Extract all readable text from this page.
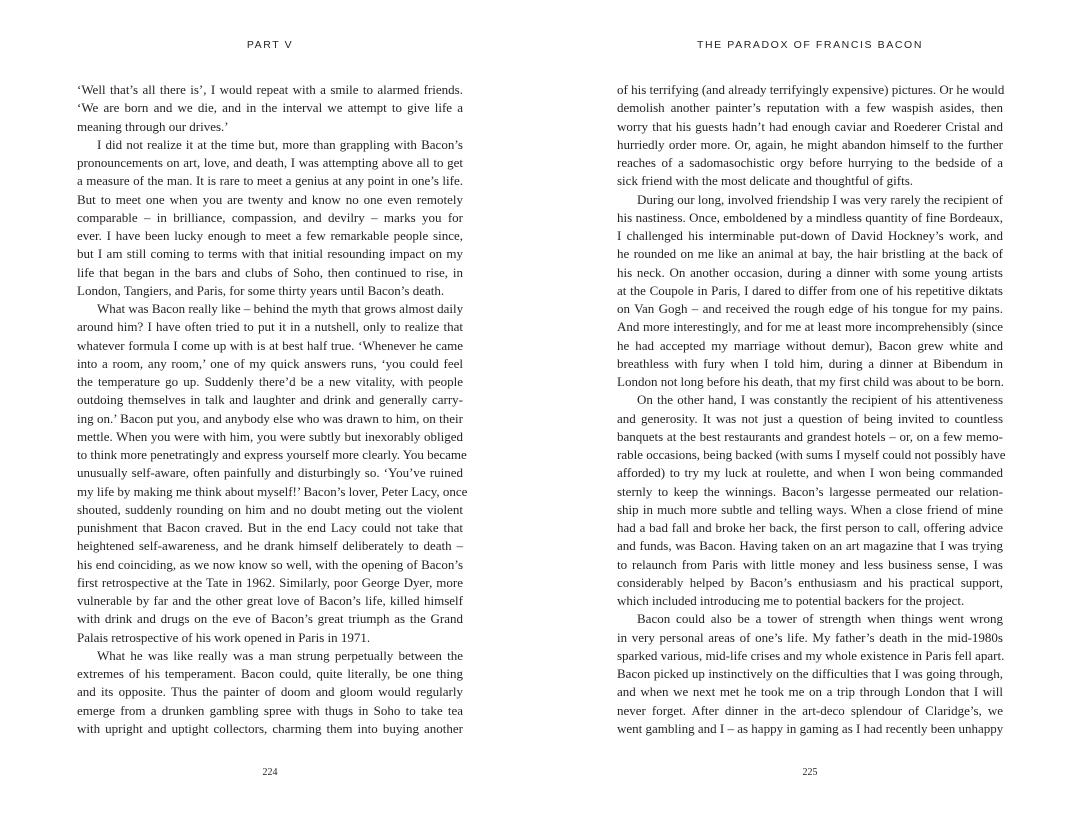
PART V
‘Well that’s all there is’, I would repeat with a smile to alarmed friends.
‘We are born and we die, and in the interval we attempt to give life a
meaning through our drives.’
I did not realize it at the time but, more than grappling with Bacon’s
pronouncements on art, love, and death, I was attempting above all to get
a measure of the man. It is rare to meet a genius at any point in one’s life.
But to meet one when you are twenty and know no one even remotely
comparable – in brilliance, compassion, and devilry – marks you for
ever. I have been lucky enough to meet a few remarkable people since,
but I am still coming to terms with that initial resounding impact on my
life that began in the bars and clubs of Soho, then continued to rise, in
London, Tangiers, and Paris, for some thirty years until Bacon’s death.
What was Bacon really like – behind the myth that grows almost daily
around him? I have often tried to put it in a nutshell, only to realize that
whatever formula I come up with is at best half true. ‘Whenever he came
into a room, any room,’ one of my quick answers runs, ‘you could feel
the temperature go up. Suddenly there’d be a new vitality, with people
outdoing themselves in talk and laughter and drink and generally carry-
ing on.’ Bacon put you, and anybody else who was drawn to him, on their
mettle. When you were with him, you were subtly but inexorably obliged
to think more penetratingly and express yourself more clearly. You became
unusually self-aware, often painfully and disturbingly so. ‘You’ve ruined
my life by making me think about myself!’ Bacon’s lover, Peter Lacy, once
shouted, suddenly rounding on him and no doubt meting out the violent
punishment that Bacon craved. But in the end Lacy could not take that
heightened self-awareness, and he drank himself deliberately to death –
his end coinciding, as we now know so well, with the opening of Bacon’s
first retrospective at the Tate in 1962. Similarly, poor George Dyer, more
vulnerable by far and the other great love of Bacon’s life, killed himself
with drink and drugs on the eve of Bacon’s great triumph as the Grand
Palais retrospective of his work opened in Paris in 1971.
What he was like really was a man strung perpetually between the
extremes of his temperament. Bacon could, quite literally, be one thing
and its opposite. Thus the painter of doom and gloom would regularly
emerge from a drunken gambling spree with thugs in Soho to take tea
with upright and uptight collectors, charming them into buying another
224
THE PARADOX OF FRANCIS BACON
of his terrifying (and already terrifyingly expensive) pictures. Or he would
demolish another painter’s reputation with a few waspish asides, then
worry that his guests hadn’t had enough caviar and Roederer Cristal and
hurriedly order more. Or, again, he might abandon himself to the further
reaches of a sadomasochistic orgy before hurrying to the bedside of a
sick friend with the most delicate and thoughtful of gifts.
During our long, involved friendship I was very rarely the recipient of
his nastiness. Once, emboldened by a mindless quantity of fine Bordeaux,
I challenged his interminable put-down of David Hockney’s work, and
he rounded on me like an animal at bay, the hair bristling at the back of
his neck. On another occasion, during a dinner with some young artists
at the Coupole in Paris, I dared to differ from one of his repetitive diktats
on Van Gogh – and received the rough edge of his tongue for my pains.
And more interestingly, and for me at least more incomprehensibly (since
he had accepted my marriage without demur), Bacon grew white and
breathless with fury when I told him, during a dinner at Bibendum in
London not long before his death, that my first child was about to be born.
On the other hand, I was constantly the recipient of his attentiveness
and generosity. It was not just a question of being invited to countless
banquets at the best restaurants and grandest hotels – or, on a few memo-
rable occasions, being backed (with sums I myself could not possibly have
afforded) to try my luck at roulette, and when I won being commanded
sternly to keep the winnings. Bacon’s largesse permeated our relation-
ship in much more subtle and telling ways. When a close friend of mine
had a bad fall and broke her back, the first person to call, offering advice
and funds, was Bacon. Having taken on an art magazine that I was trying
to relaunch from Paris with little money and less business sense, I was
considerably helped by Bacon’s enthusiasm and his practical support,
which included introducing me to potential backers for the project.
Bacon could also be a tower of strength when things went wrong
in very personal areas of one’s life. My father’s death in the mid-1980s
sparked various, mid-life crises and my whole existence in Paris fell apart.
Bacon picked up instinctively on the difficulties that I was going through,
and when we next met he took me on a trip through London that I will
never forget. After dinner in the art-deco splendour of Claridge’s, we
went gambling and I – as happy in gaming as I had recently been unhappy
225
